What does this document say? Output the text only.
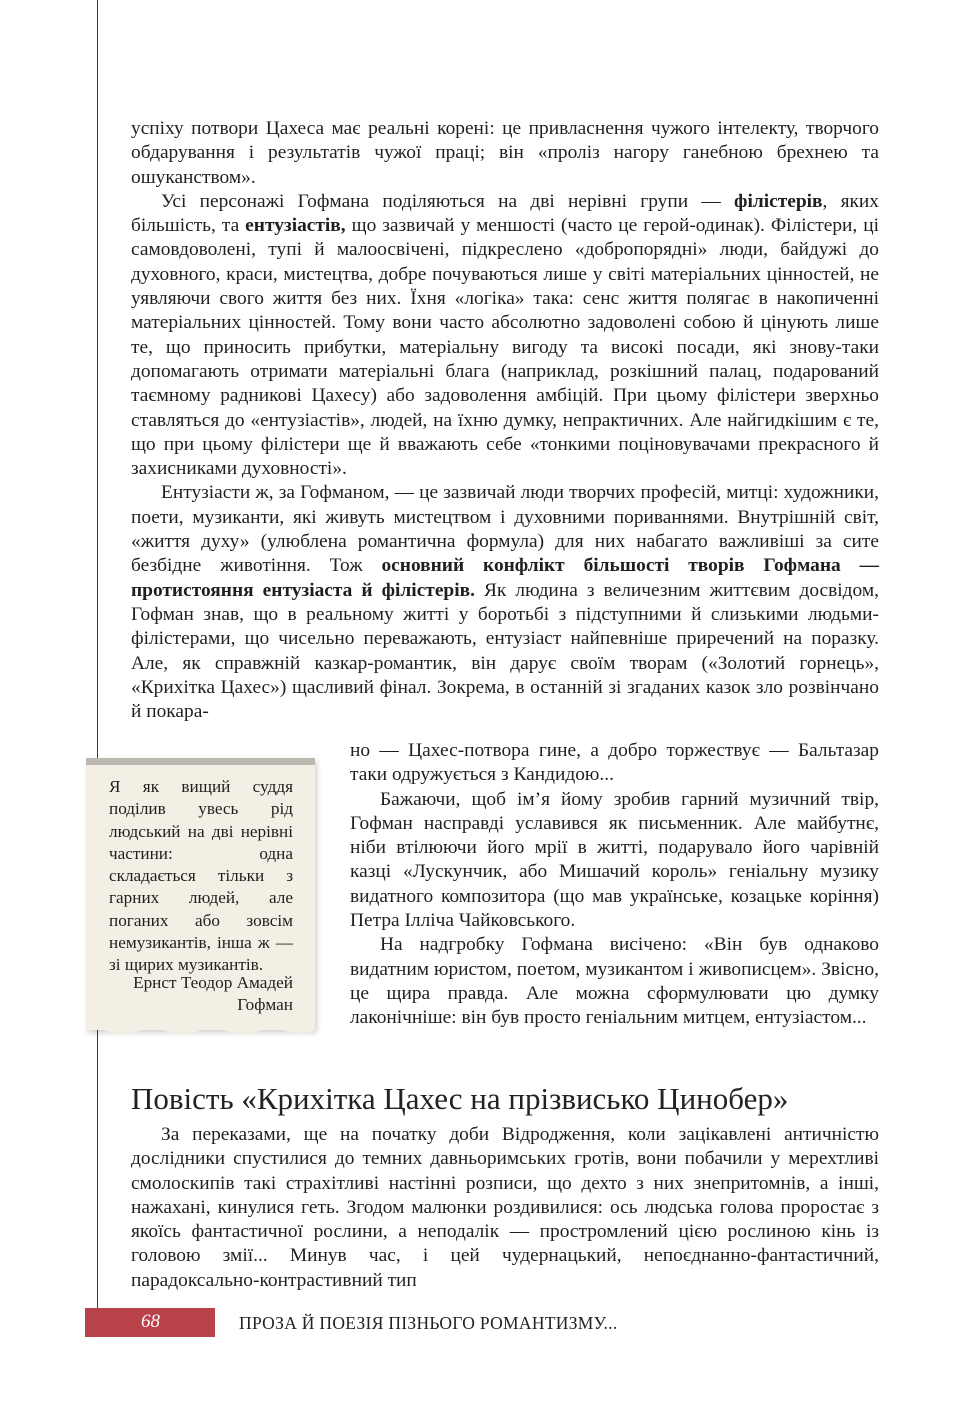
успіху потвори Цахеса має реальні корені: це привласнення чужого інтелекту, творчого обдарування і результатів чужої праці; він «проліз нагору ганебною брехнею та ошуканством».

Усі персонажі Гофмана поділяються на дві нерівні групи — філістерів, яких більшість, та ентузіастів, що зазвичай у меншості (часто це герой-одинак). Філістери, ці самовдоволені, тупі й малоосвічені, підкреслено «добропорядні» люди, байдужі до духовного, краси, мистецтва, добре почуваються лише у світі матеріальних цінностей, не уявляючи свого життя без них. Їхня «логіка» така: сенс життя полягає в накопиченні матеріальних цінностей. Тому вони часто абсолютно задоволені собою й цінують лише те, що приносить прибутки, матеріальну вигоду та високі посади, які знову-таки допомагають отримати матеріальні блага (наприклад, розкішний палац, подарований таємному радникові Цахесу) або задоволення амбіцій. При цьому філістери зверхньо ставляться до «ентузіастів», людей, на їхню думку, непрактичних. Але найгидкішим є те, що при цьому філістери ще й вважають себе «тонкими поціновувачами прекрасного й захисниками духовності».

Ентузіасти ж, за Гофманом, — це зазвичай люди творчих професій, митці: художники, поети, музиканти, які живуть мистецтвом і духовними пориваннями. Внутрішній світ, «життя духу» (улюблена романтична формула) для них набагато важливіші за сите безбідне животіння. Тож основний конфлікт більшості творів Гофмана — протистояння ентузіаста й філістерів. Як людина з величезним життєвим досвідом, Гофман знав, що в реальному житті у боротьбі з підступними й слизькими людьми-філістерами, що чисельно переважають, ентузіаст найпевніше приречений на поразку. Але, як справжній казкар-романтик, він дарує своїм творам («Золотий горнець», «Крихітка Цахес») щасливий фінал. Зокрема, в останній зі згаданих казок зло розвінчано й покара-

Я як вищий суддя поділив увесь рід людський на дві нерівні частини: одна складається тільки з гарних людей, але поганих або зовсім немузикантів, інша ж — зі щирих музикантів.
Ернст Теодор Амадей
Гофман

но — Цахес-потвора гине, а добро торжествує — Бальтазар таки одружується з Кандидою...

Бажаючи, щоб ім’я йому зробив гарний музичний твір, Гофман насправді уславився як письменник. Але майбутнє, ніби втілюючи його мрії в житті, подарувало його чарівній казці «Лускунчик, або Мишачий король» геніальну музику видатного композитора (що мав українське, козацьке коріння) Петра Ілліча Чайковського.

На надгробку Гофмана висічено: «Він був однаково видатним юристом, поетом, музикантом і живописцем». Звісно, це щира правда. Але можна сформулювати цю думку лаконічніше: він був просто геніальним митцем, ентузіастом...

Повість «Крихітка Цахес на прізвисько Цинобер»

За переказами, ще на початку доби Відродження, коли зацікавлені античністю дослідники спустилися до темних давньоримських гротів, вони побачили у мерехтливі смолоскипів такі страхітливі настінні розписи, що дехто з них знепритомнів, а інші, нажахані, кинулися геть. Згодом малюнки роздивилися: ось людська голова проростає з якоїсь фантастичної рослини, а неподалік — простромлений цією рослиною кінь із головою змії... Минув час, і цей чудернацький, непоєднанно-фантастичний, парадоксально-контрастивний тип

68	ПРОЗА Й ПОЕЗІЯ ПІЗНЬОГО РОМАНТИЗМУ...
